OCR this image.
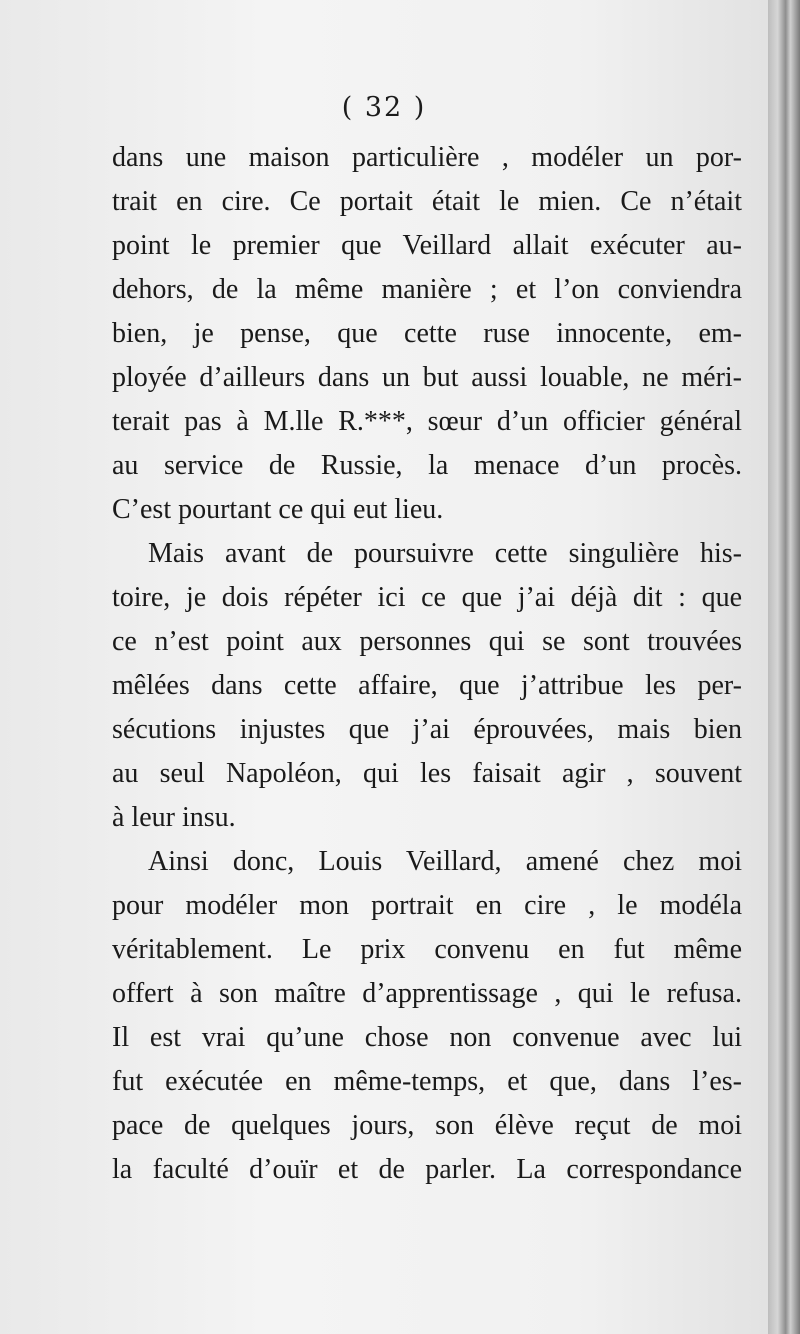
( 32 )
dans une maison particulière , modéler un por-
trait en cire. Ce portait était le mien. Ce n’était
point le premier que Veillard allait exécuter au-
dehors, de la même manière ; et l’on conviendra
bien, je pense, que cette ruse innocente, em-
ployée d’ailleurs dans un but aussi louable, ne méri-
terait pas à M.lle R.***, sœur d’un officier général
au service de Russie, la menace d’un procès.
C’est pourtant ce qui eut lieu.
Mais avant de poursuivre cette singulière his-
toire, je dois répéter ici ce que j’ai déjà dit : que
ce n’est point aux personnes qui se sont trouvées
mêlées dans cette affaire, que j’attribue les per-
sécutions injustes que j’ai éprouvées, mais bien
au seul Napoléon, qui les faisait agir , souvent
à leur insu.
Ainsi donc, Louis Veillard, amené chez moi
pour modéler mon portrait en cire , le modéla
véritablement. Le prix convenu en fut même
offert à son maître d’apprentissage , qui le refusa.
Il est vrai qu’une chose non convenue avec lui
fut exécutée en même-temps, et que, dans l’es-
pace de quelques jours, son élève reçut de moi
la faculté d’ouïr et de parler. La correspondance
